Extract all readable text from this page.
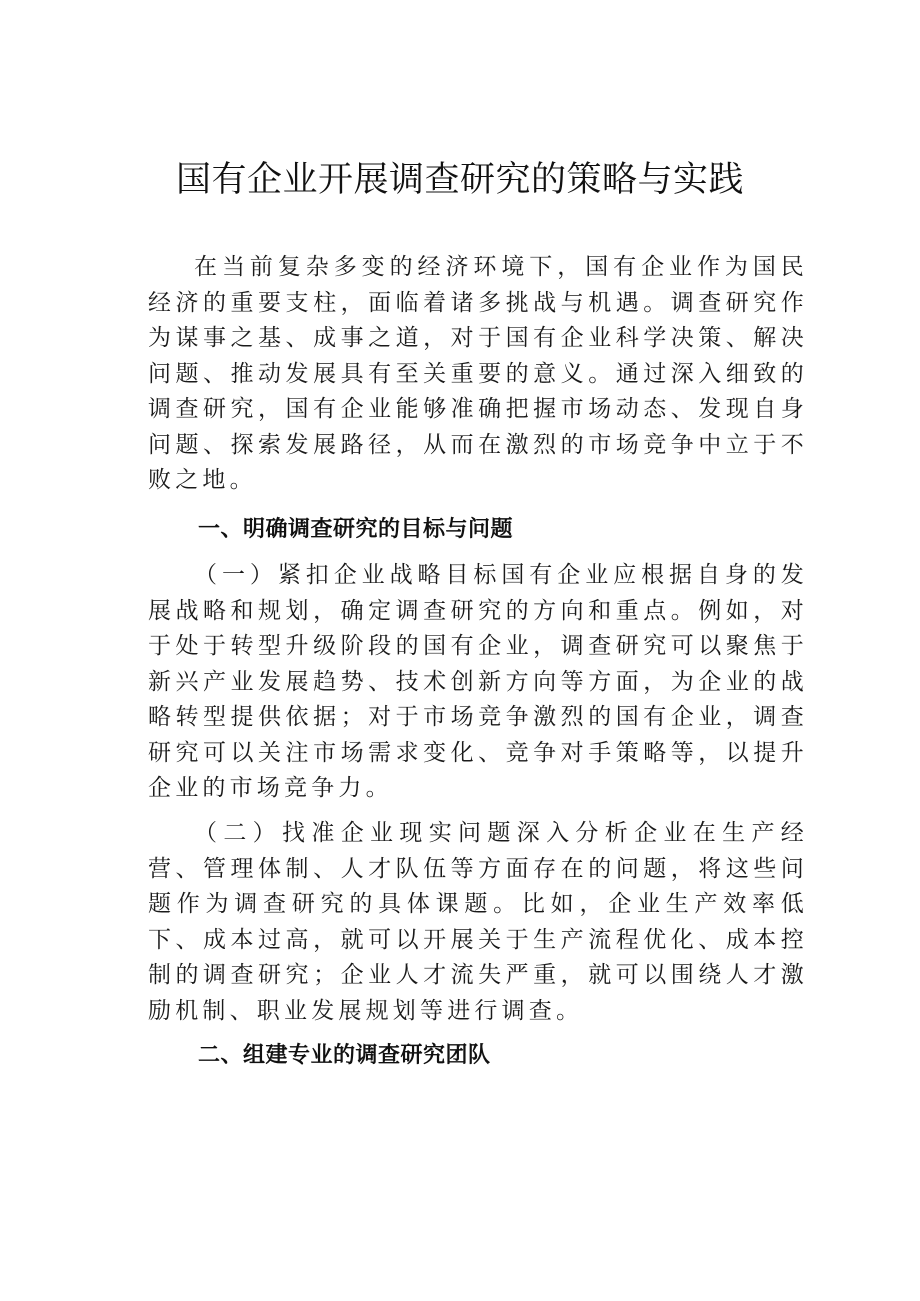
国有企业开展调查研究的策略与实践

在当前复杂多变的经济环境下，国有企业作为国民经济的重要支柱，面临着诸多挑战与机遇。调查研究作为谋事之基、成事之道，对于国有企业科学决策、解决问题、推动发展具有至关重要的意义。通过深入细致的调查研究，国有企业能够准确把握市场动态、发现自身问题、探索发展路径，从而在激烈的市场竞争中立于不败之地。

一、明确调查研究的目标与问题

（一）紧扣企业战略目标国有企业应根据自身的发展战略和规划，确定调查研究的方向和重点。例如，对于处于转型升级阶段的国有企业，调查研究可以聚焦于新兴产业发展趋势、技术创新方向等方面，为企业的战略转型提供依据；对于市场竞争激烈的国有企业，调查研究可以关注市场需求变化、竞争对手策略等，以提升企业的市场竞争力。

（二）找准企业现实问题深入分析企业在生产经营、管理体制、人才队伍等方面存在的问题，将这些问题作为调查研究的具体课题。比如，企业生产效率低下、成本过高，就可以开展关于生产流程优化、成本控制的调查研究；企业人才流失严重，就可以围绕人才激励机制、职业发展规划等进行调查。

二、组建专业的调查研究团队
